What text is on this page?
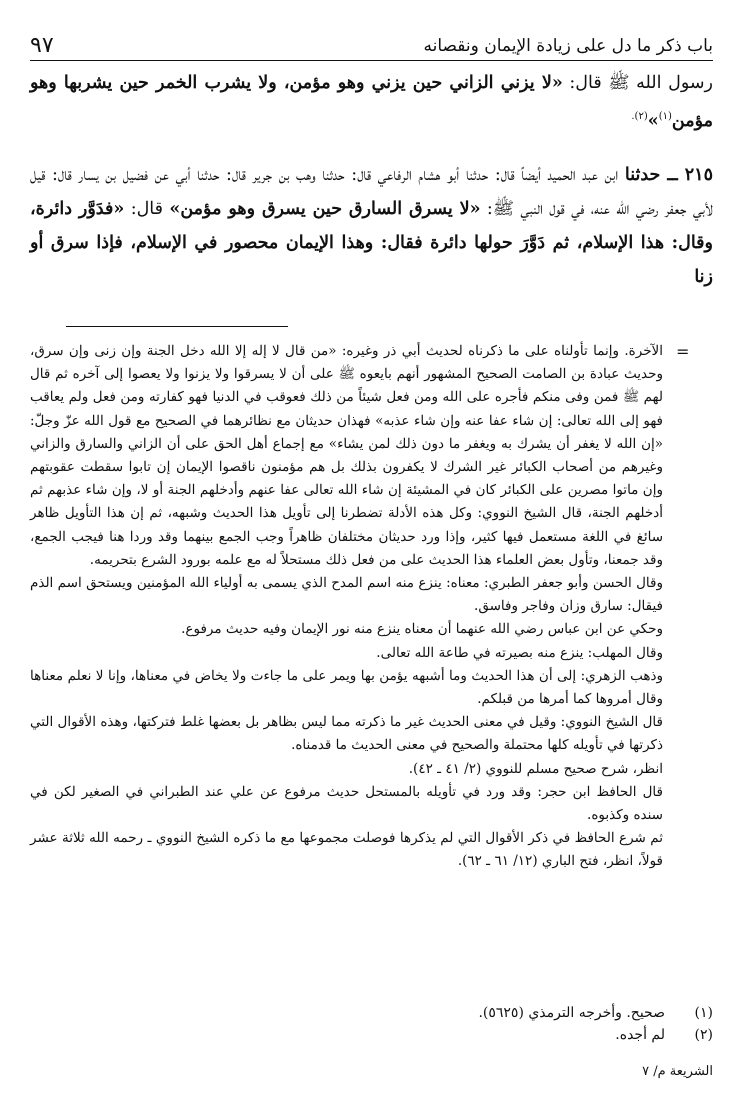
باب ذكر ما دل على زيادة الإيمان ونقصانه
٩٧

رسول الله ﷺ قال: «لا يزني الزاني حين يزني وهو مؤمن، ولا يشرب الخمر حين يشربها وهو مؤمن$^{(١)}$»$^{(٢).}$

٢١٥ ــ حدثنا ابن عبد الحميد أيضاً قال: حدثنا أبو هشام الرفاعي قال: حدثنا وهب بن جرير قال: حدثنا أبي عن فضيل بن يسار قال: قيل لأبي جعفر رضي الله عنه، في قول النبي ﷺ: «لا يسرق السارق حين يسرق وهو مؤمن» قال: «فدَوَّر دائرة، وقال: هذا الإسلام، ثم دَوَّرَ حولها دائرة فقال: وهذا الإيمان محصور في الإسلام، فإذا سرق أو زنا

=

الآخرة. وإنما تأولناه على ما ذكرناه لحديث أبي ذر وغيره: «من قال لا إله إلا الله دخل الجنة وإن زنى وإن سرق، وحديث عبادة بن الصامت الصحيح المشهور أنهم بايعوه ﷺ على أن لا يسرقوا ولا يزنوا ولا يعصوا إلى آخره ثم قال لهم ﷺ فمن وفى منكم فأجره على الله ومن فعل شيئاً من ذلك فعوقب في الدنيا فهو كفارته ومن فعل ولم يعاقب فهو إلى الله تعالى: إن شاء عفا عنه وإن شاء عذبه» فهذان حديثان مع نظائرهما في الصحيح مع قول الله عزّ وجلّ: «إن الله لا يغفر أن يشرك به ويغفر ما دون ذلك لمن يشاء» مع إجماع أهل الحق على أن الزاني والسارق والزاني وغيرهم من أصحاب الكبائر غير الشرك لا يكفرون بذلك بل هم مؤمنون ناقصوا الإيمان إن تابوا سقطت عقوبتهم وإن ماتوا مصرين على الكبائر كان في المشيئة إن شاء الله تعالى عفا عنهم وأدخلهم الجنة أو لا، وإن شاء عذبهم ثم أدخلهم الجنة، قال الشيخ النووي: وكل هذه الأدلة تضطرنا إلى تأويل هذا الحديث وشبهه، ثم إن هذا التأويل ظاهر سائغ في اللغة مستعمل فيها كثير، وإذا ورد حديثان مختلفان ظاهراً وجب الجمع بينهما وقد وردا هنا فيجب الجمع، وقد جمعنا، وتأول بعض العلماء هذا الحديث على من فعل ذلك مستحلاً له مع علمه بورود الشرع بتحريمه.

وقال الحسن وأبو جعفر الطبري: معناه: ينزع منه اسم المدح الذي يسمى به أولياء الله المؤمنين ويستحق اسم الذم فيقال: سارق وزان وفاجر وفاسق.

وحكي عن ابن عباس رضي الله عنهما أن معناه ينزع منه نور الإيمان وفيه حديث مرفوع.

وقال المهلب: ينزع منه بصيرته في طاعة الله تعالى.

وذهب الزهري: إلى أن هذا الحديث وما أشبهه يؤمن بها ويمر على ما جاءت ولا يخاض في معناها، وإنا لا نعلم معناها وقال أمروها كما أمرها من قبلكم.

قال الشيخ النووي: وقيل في معنى الحديث غير ما ذكرته مما ليس بظاهر بل بعضها غلط فتركتها، وهذه الأقوال التي ذكرتها في تأويله كلها محتملة والصحيح في معنى الحديث ما قدمناه.

انظر، شرح صحيح مسلم للنووي (٢/ ٤١ ـ ٤٢).

قال الحافظ ابن حجر: وقد ورد في تأويله بالمستحل حديث مرفوع عن علي عند الطبراني في الصغير لكن في سنده وكذبوه.

ثم شرع الحافظ في ذكر الأقوال التي لم يذكرها فوصلت مجموعها مع ما ذكره الشيخ النووي ـ رحمه الله ثلاثة عشر قولاً، انظر، فتح الباري (١٢/ ٦١ ـ ٦٢).

(١)
صحيح. وأخرجه الترمذي (٥٦٢٥).
(٢)
لم أجده.
الشريعة م/ ٧
